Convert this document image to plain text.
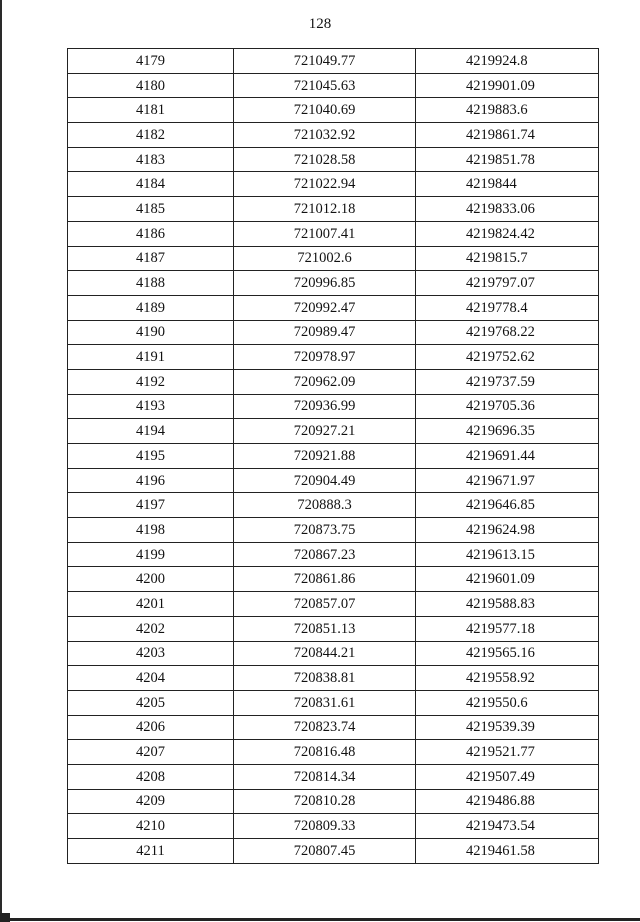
128
4179	721049.77	4219924.8
4180	721045.63	4219901.09
4181	721040.69	4219883.6
4182	721032.92	4219861.74
4183	721028.58	4219851.78
4184	721022.94	4219844
4185	721012.18	4219833.06
4186	721007.41	4219824.42
4187	721002.6	4219815.7
4188	720996.85	4219797.07
4189	720992.47	4219778.4
4190	720989.47	4219768.22
4191	720978.97	4219752.62
4192	720962.09	4219737.59
4193	720936.99	4219705.36
4194	720927.21	4219696.35
4195	720921.88	4219691.44
4196	720904.49	4219671.97
4197	720888.3	4219646.85
4198	720873.75	4219624.98
4199	720867.23	4219613.15
4200	720861.86	4219601.09
4201	720857.07	4219588.83
4202	720851.13	4219577.18
4203	720844.21	4219565.16
4204	720838.81	4219558.92
4205	720831.61	4219550.6
4206	720823.74	4219539.39
4207	720816.48	4219521.77
4208	720814.34	4219507.49
4209	720810.28	4219486.88
4210	720809.33	4219473.54
4211	720807.45	4219461.58
